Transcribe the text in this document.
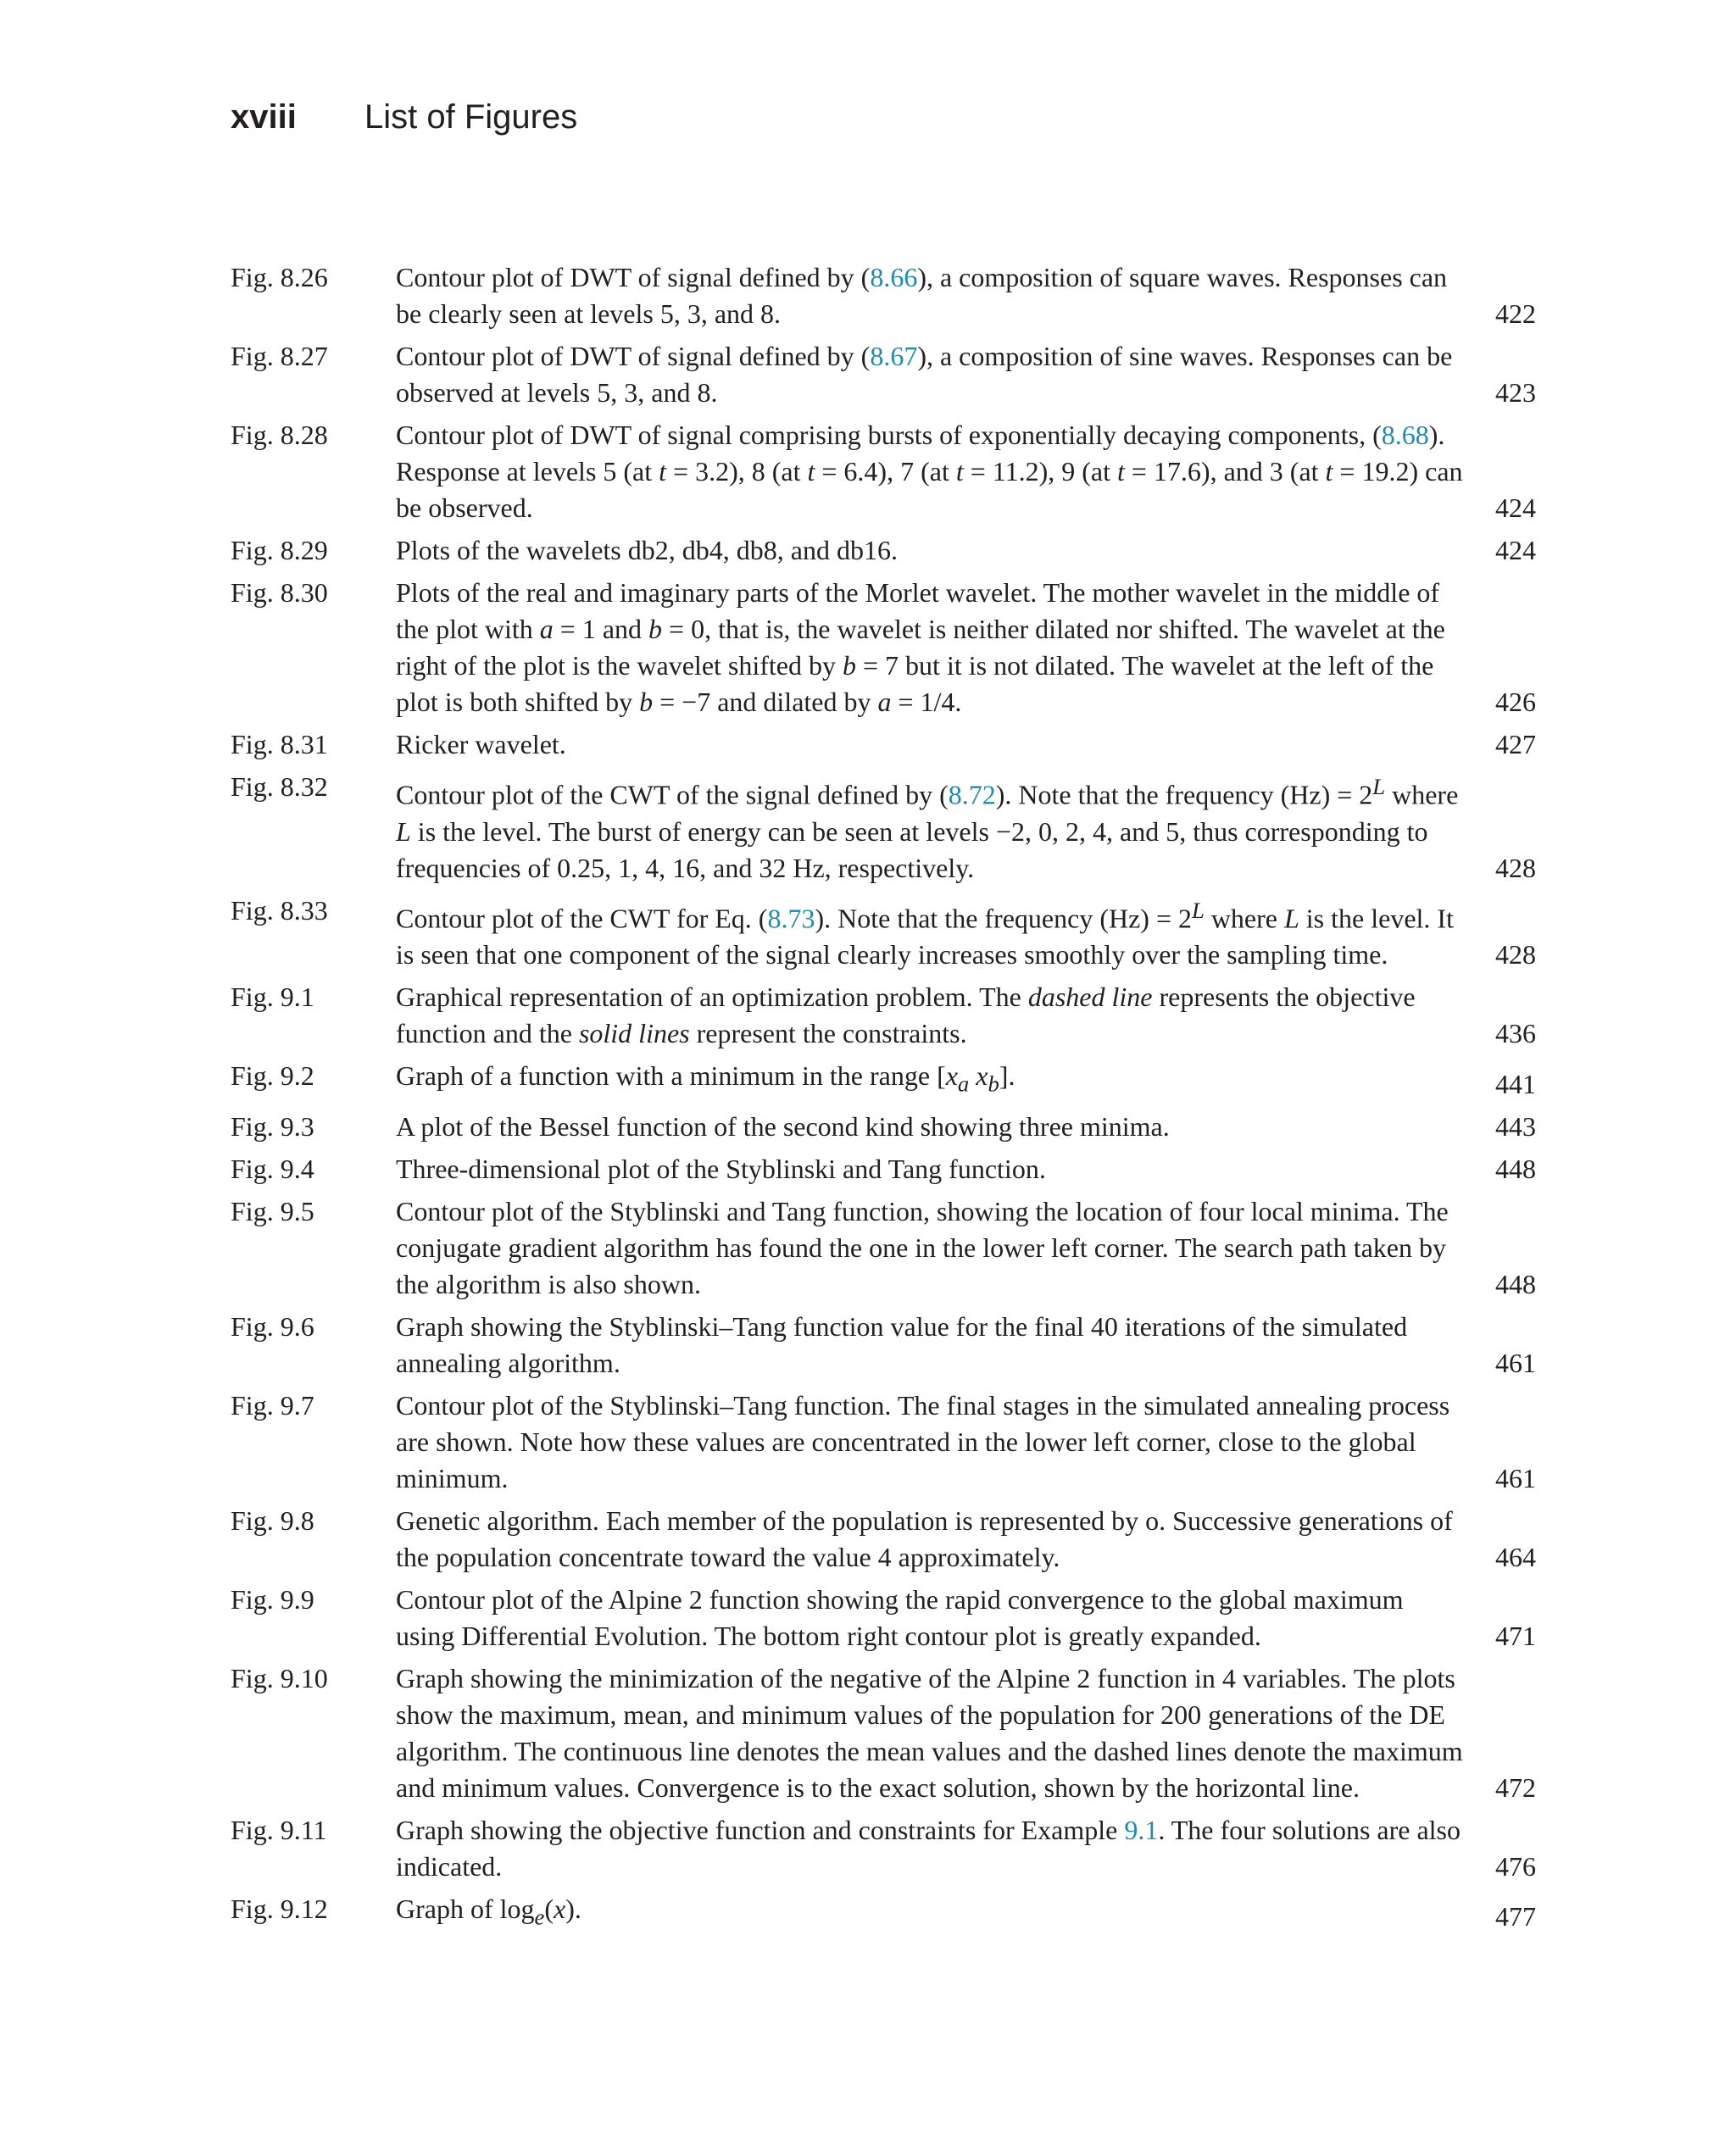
xviii List of Figures
Fig. 8.26	Contour plot of DWT of signal defined by (8.66), a composition of square waves. Responses can be clearly seen at levels 5, 3, and 8.	422
Fig. 8.27	Contour plot of DWT of signal defined by (8.67), a composition of sine waves. Responses can be observed at levels 5, 3, and 8.	423
Fig. 8.28	Contour plot of DWT of signal comprising bursts of exponentially decaying components, (8.68). Response at levels 5 (at t = 3.2), 8 (at t = 6.4), 7 (at t = 11.2), 9 (at t = 17.6), and 3 (at t = 19.2) can be observed.	424
Fig. 8.29	Plots of the wavelets db2, db4, db8, and db16.	424
Fig. 8.30	Plots of the real and imaginary parts of the Morlet wavelet. The mother wavelet in the middle of the plot with a = 1 and b = 0, that is, the wavelet is neither dilated nor shifted. The wavelet at the right of the plot is the wavelet shifted by b = 7 but it is not dilated. The wavelet at the left of the plot is both shifted by b = −7 and dilated by a = 1/4.	426
Fig. 8.31	Ricker wavelet.	427
Fig. 8.32	Contour plot of the CWT of the signal defined by (8.72). Note that the frequency $(Hz) = 2^L$ where L is the level. The burst of energy can be seen at levels −2, 0, 2, 4, and 5, thus corresponding to frequencies of 0.25, 1, 4, 16, and 32 Hz, respectively.	428
Fig. 8.33	Contour plot of the CWT for Eq. (8.73). Note that the frequency $(Hz) = 2^L$ where L is the level. It is seen that one component of the signal clearly increases smoothly over the sampling time.	428
Fig. 9.1	Graphical representation of an optimization problem. The dashed line represents the objective function and the solid lines represent the constraints.	436
Fig. 9.2	Graph of a function with a minimum in the range [$x_a$ $x_b$].	441
Fig. 9.3	A plot of the Bessel function of the second kind showing three minima.	443
Fig. 9.4	Three-dimensional plot of the Styblinski and Tang function.	448
Fig. 9.5	Contour plot of the Styblinski and Tang function, showing the location of four local minima. The conjugate gradient algorithm has found the one in the lower left corner. The search path taken by the algorithm is also shown.	448
Fig. 9.6	Graph showing the Styblinski–Tang function value for the final 40 iterations of the simulated annealing algorithm.	461
Fig. 9.7	Contour plot of the Styblinski–Tang function. The final stages in the simulated annealing process are shown. Note how these values are concentrated in the lower left corner, close to the global minimum.	461
Fig. 9.8	Genetic algorithm. Each member of the population is represented by o. Successive generations of the population concentrate toward the value 4 approximately.	464
Fig. 9.9	Contour plot of the Alpine 2 function showing the rapid convergence to the global maximum using Differential Evolution. The bottom right contour plot is greatly expanded.	471
Fig. 9.10	Graph showing the minimization of the negative of the Alpine 2 function in 4 variables. The plots show the maximum, mean, and minimum values of the population for 200 generations of the DE algorithm. The continuous line denotes the mean values and the dashed lines denote the maximum and minimum values. Convergence is to the exact solution, shown by the horizontal line.	472
Fig. 9.11	Graph showing the objective function and constraints for Example 9.1. The four solutions are also indicated.	476
Fig. 9.12	Graph of $\log_e(x)$.	477
